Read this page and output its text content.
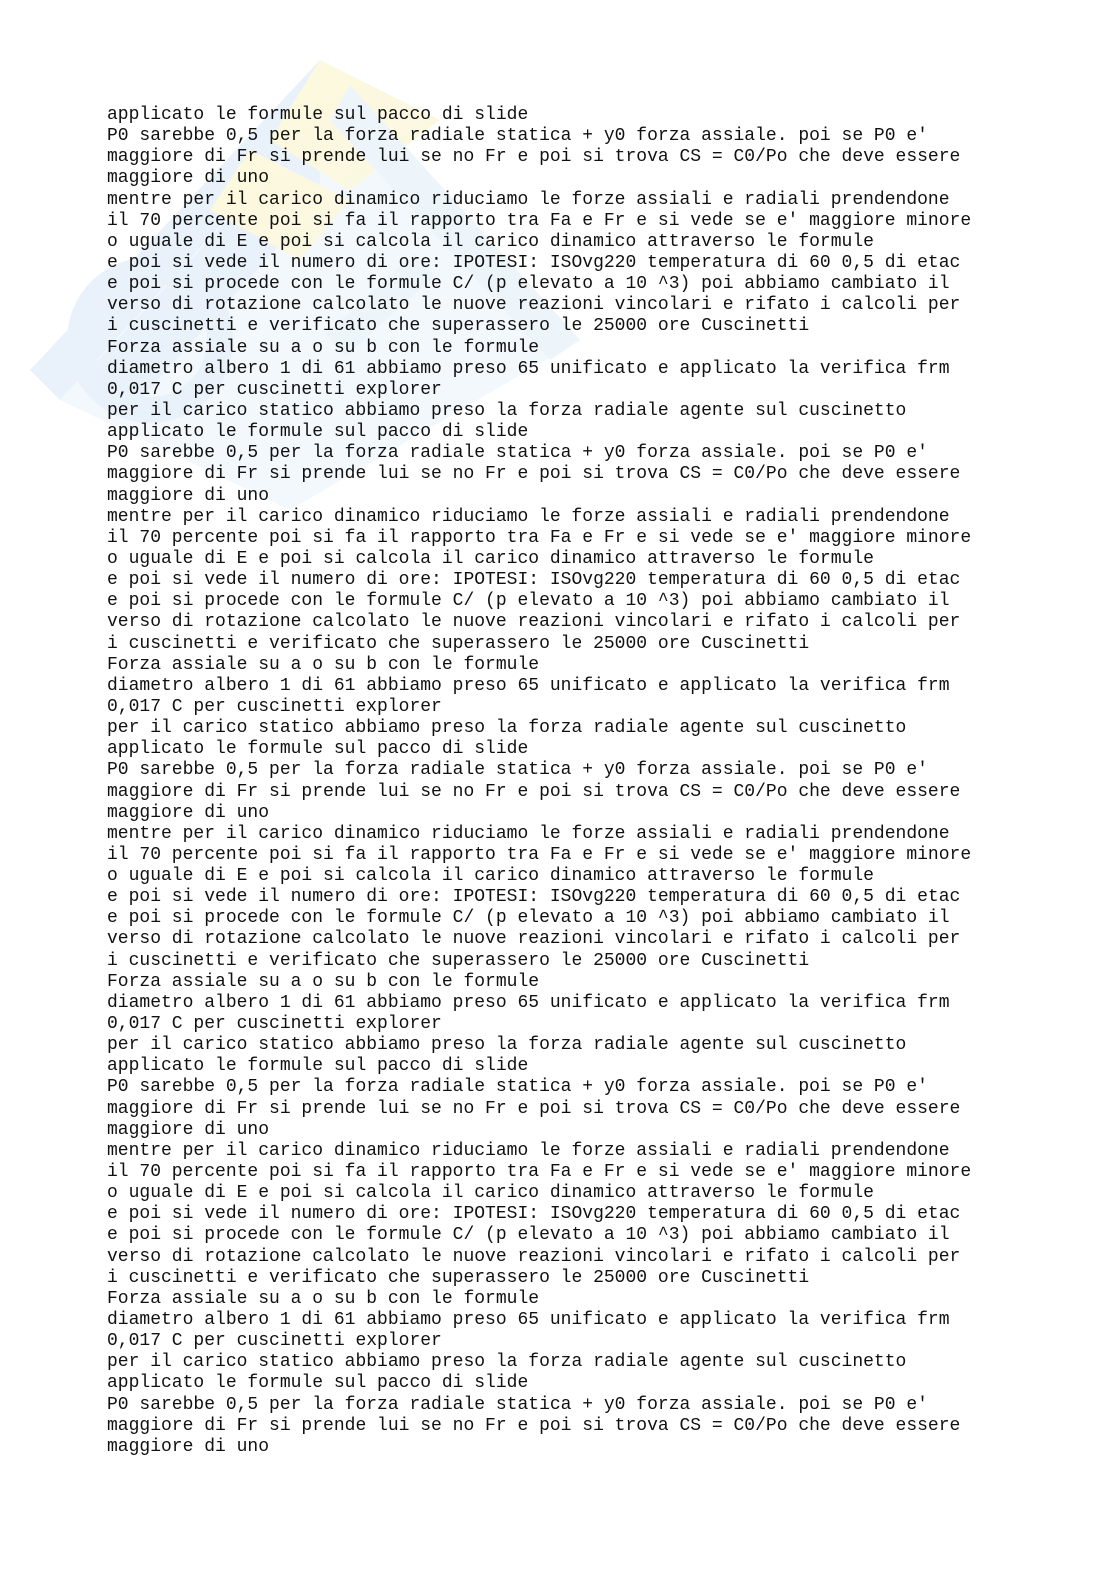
applicato le formule sul pacco di slide
P0 sarebbe 0,5 per la forza radiale statica + y0 forza assiale. poi se P0 e'
maggiore di Fr si prende lui se no Fr e poi si trova CS = C0/Po che deve essere
maggiore di uno
mentre per il carico dinamico riduciamo le forze assiali e radiali prendendone
il 70 percente poi si fa il rapporto tra Fa e Fr e si vede se e' maggiore minore
o uguale di E e poi si calcola il carico dinamico attraverso le formule
e poi si vede il numero di ore: IPOTESI: ISOvg220 temperatura di 60 0,5 di etac
e poi si procede con le formule C/ (p elevato a 10 ^3) poi abbiamo cambiato il
verso di rotazione calcolato le nuove reazioni vincolari e rifato i calcoli per
i cuscinetti e verificato che superassero le 25000 ore Cuscinetti
Forza assiale su a o su b con le formule
diametro albero 1 di 61 abbiamo preso 65 unificato e applicato la verifica frm
0,017 C per cuscinetti explorer
per il carico statico abbiamo preso la forza radiale agente sul cuscinetto
applicato le formule sul pacco di slide
P0 sarebbe 0,5 per la forza radiale statica + y0 forza assiale. poi se P0 e'
maggiore di Fr si prende lui se no Fr e poi si trova CS = C0/Po che deve essere
maggiore di uno
mentre per il carico dinamico riduciamo le forze assiali e radiali prendendone
il 70 percente poi si fa il rapporto tra Fa e Fr e si vede se e' maggiore minore
o uguale di E e poi si calcola il carico dinamico attraverso le formule
e poi si vede il numero di ore: IPOTESI: ISOvg220 temperatura di 60 0,5 di etac
e poi si procede con le formule C/ (p elevato a 10 ^3) poi abbiamo cambiato il
verso di rotazione calcolato le nuove reazioni vincolari e rifato i calcoli per
i cuscinetti e verificato che superassero le 25000 ore Cuscinetti
Forza assiale su a o su b con le formule
diametro albero 1 di 61 abbiamo preso 65 unificato e applicato la verifica frm
0,017 C per cuscinetti explorer
per il carico statico abbiamo preso la forza radiale agente sul cuscinetto
applicato le formule sul pacco di slide
P0 sarebbe 0,5 per la forza radiale statica + y0 forza assiale. poi se P0 e'
maggiore di Fr si prende lui se no Fr e poi si trova CS = C0/Po che deve essere
maggiore di uno
mentre per il carico dinamico riduciamo le forze assiali e radiali prendendone
il 70 percente poi si fa il rapporto tra Fa e Fr e si vede se e' maggiore minore
o uguale di E e poi si calcola il carico dinamico attraverso le formule
e poi si vede il numero di ore: IPOTESI: ISOvg220 temperatura di 60 0,5 di etac
e poi si procede con le formule C/ (p elevato a 10 ^3) poi abbiamo cambiato il
verso di rotazione calcolato le nuove reazioni vincolari e rifato i calcoli per
i cuscinetti e verificato che superassero le 25000 ore Cuscinetti
Forza assiale su a o su b con le formule
diametro albero 1 di 61 abbiamo preso 65 unificato e applicato la verifica frm
0,017 C per cuscinetti explorer
per il carico statico abbiamo preso la forza radiale agente sul cuscinetto
applicato le formule sul pacco di slide
P0 sarebbe 0,5 per la forza radiale statica + y0 forza assiale. poi se P0 e'
maggiore di Fr si prende lui se no Fr e poi si trova CS = C0/Po che deve essere
maggiore di uno
mentre per il carico dinamico riduciamo le forze assiali e radiali prendendone
il 70 percente poi si fa il rapporto tra Fa e Fr e si vede se e' maggiore minore
o uguale di E e poi si calcola il carico dinamico attraverso le formule
e poi si vede il numero di ore: IPOTESI: ISOvg220 temperatura di 60 0,5 di etac
e poi si procede con le formule C/ (p elevato a 10 ^3) poi abbiamo cambiato il
verso di rotazione calcolato le nuove reazioni vincolari e rifato i calcoli per
i cuscinetti e verificato che superassero le 25000 ore Cuscinetti
Forza assiale su a o su b con le formule
diametro albero 1 di 61 abbiamo preso 65 unificato e applicato la verifica frm
0,017 C per cuscinetti explorer
per il carico statico abbiamo preso la forza radiale agente sul cuscinetto
applicato le formule sul pacco di slide
P0 sarebbe 0,5 per la forza radiale statica + y0 forza assiale. poi se P0 e'
maggiore di Fr si prende lui se no Fr e poi si trova CS = C0/Po che deve essere
maggiore di uno
